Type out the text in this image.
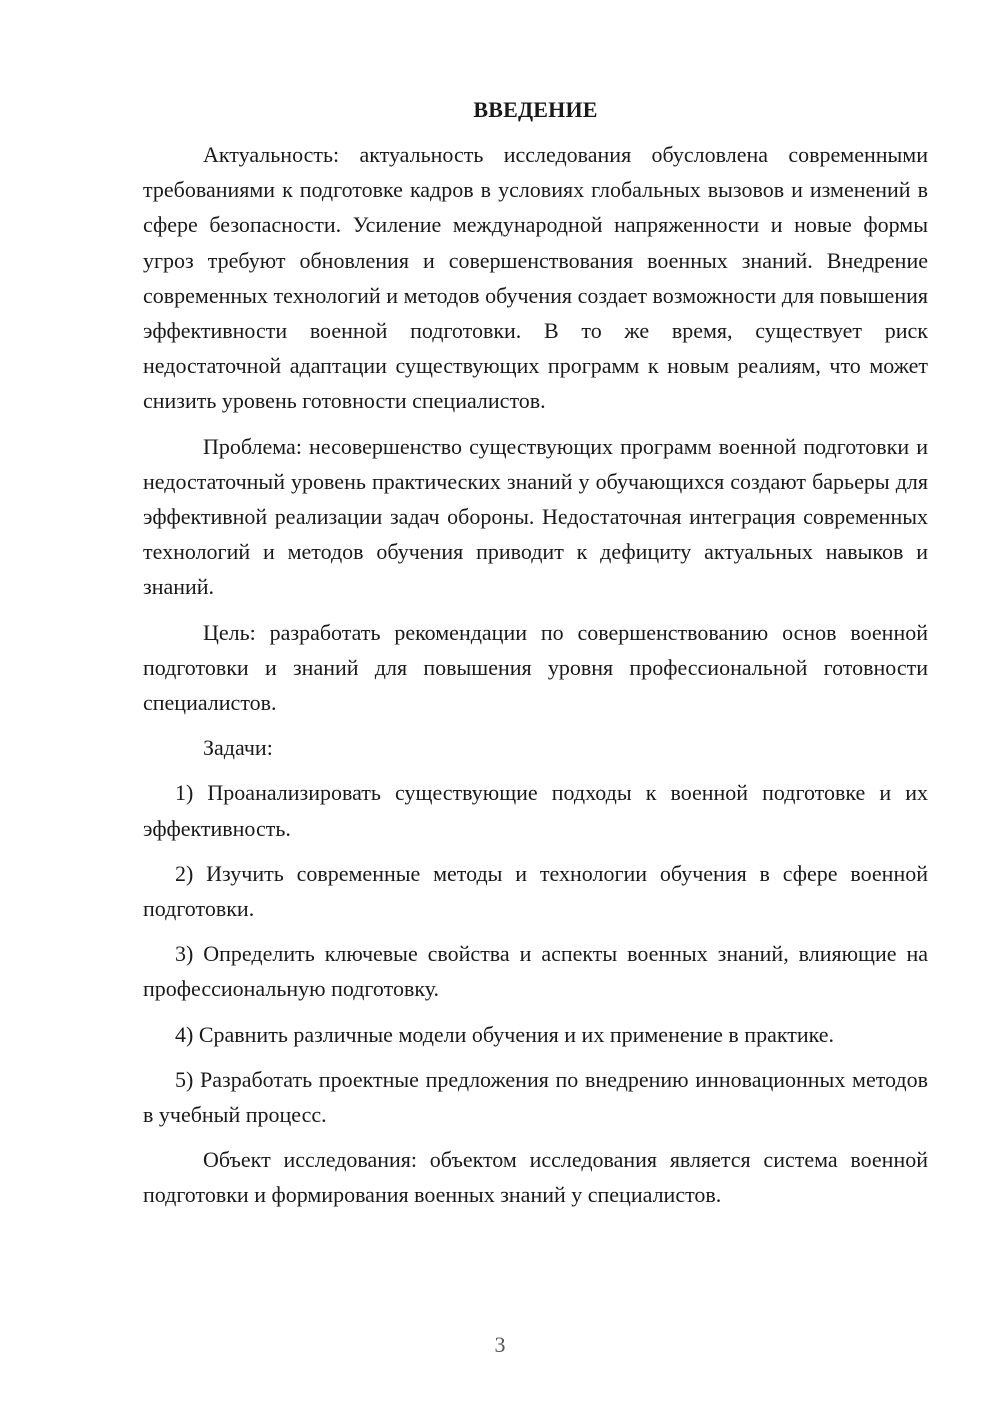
ВВЕДЕНИЕ

Актуальность: актуальность исследования обусловлена современными требованиями к подготовке кадров в условиях глобальных вызовов и изменений в сфере безопасности. Усиление международной напряженности и новые формы угроз требуют обновления и совершенствования военных знаний. Внедрение современных технологий и методов обучения создает возможности для повышения эффективности военной подготовки. В то же время, существует риск недостаточной адаптации существующих программ к новым реалиям, что может снизить уровень готовности специалистов.

Проблема: несовершенство существующих программ военной подготовки и недостаточный уровень практических знаний у обучающихся создают барьеры для эффективной реализации задач обороны. Недостаточная интеграция современных технологий и методов обучения приводит к дефициту актуальных навыков и знаний.

Цель: разработать рекомендации по совершенствованию основ военной подготовки и знаний для повышения уровня профессиональной готовности специалистов.

Задачи:

1) Проанализировать существующие подходы к военной подготовке и их эффективность.

2) Изучить современные методы и технологии обучения в сфере военной подготовки.

3) Определить ключевые свойства и аспекты военных знаний, влияющие на профессиональную подготовку.

4) Сравнить различные модели обучения и их применение в практике.

5) Разработать проектные предложения по внедрению инновационных методов в учебный процесс.

Объект исследования: объектом исследования является система военной подготовки и формирования военных знаний у специалистов.

3
